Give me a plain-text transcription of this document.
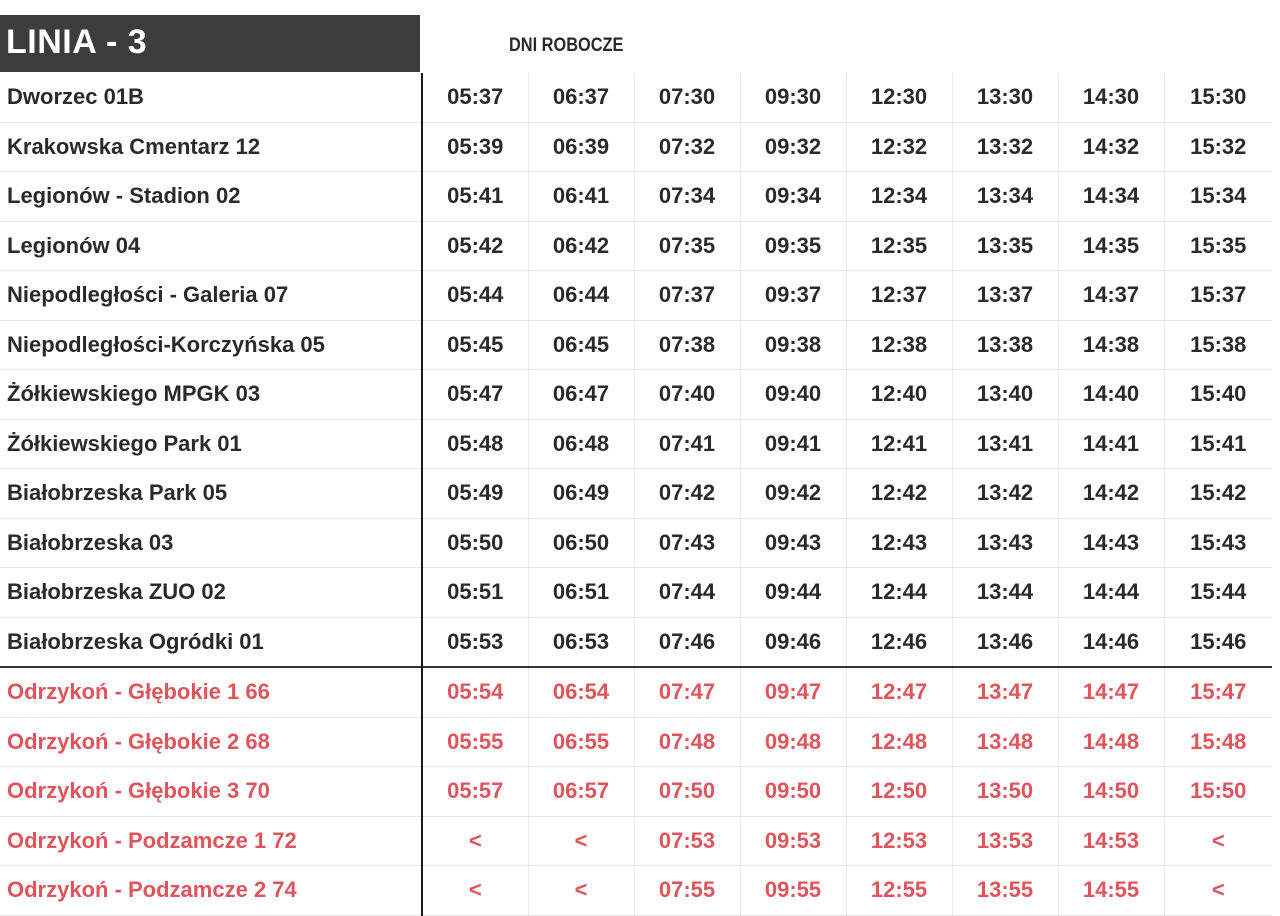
LINIA - 3	DNI ROBOCZE
Dworzec 01B	05:37	06:37	07:30	09:30	12:30	13:30	14:30	15:30
Krakowska Cmentarz 12	05:39	06:39	07:32	09:32	12:32	13:32	14:32	15:32
Legionów - Stadion 02	05:41	06:41	07:34	09:34	12:34	13:34	14:34	15:34
Legionów 04	05:42	06:42	07:35	09:35	12:35	13:35	14:35	15:35
Niepodległości - Galeria 07	05:44	06:44	07:37	09:37	12:37	13:37	14:37	15:37
Niepodległości-Korczyńska 05	05:45	06:45	07:38	09:38	12:38	13:38	14:38	15:38
Żółkiewskiego MPGK 03	05:47	06:47	07:40	09:40	12:40	13:40	14:40	15:40
Żółkiewskiego Park 01	05:48	06:48	07:41	09:41	12:41	13:41	14:41	15:41
Białobrzeska Park 05	05:49	06:49	07:42	09:42	12:42	13:42	14:42	15:42
Białobrzeska 03	05:50	06:50	07:43	09:43	12:43	13:43	14:43	15:43
Białobrzeska ZUO 02	05:51	06:51	07:44	09:44	12:44	13:44	14:44	15:44
Białobrzeska Ogródki 01	05:53	06:53	07:46	09:46	12:46	13:46	14:46	15:46
Odrzykoń - Głębokie 1 66	05:54	06:54	07:47	09:47	12:47	13:47	14:47	15:47
Odrzykoń - Głębokie 2 68	05:55	06:55	07:48	09:48	12:48	13:48	14:48	15:48
Odrzykoń - Głębokie 3 70	05:57	06:57	07:50	09:50	12:50	13:50	14:50	15:50
Odrzykoń - Podzamcze 1 72	<	<	07:53	09:53	12:53	13:53	14:53	<
Odrzykoń - Podzamcze 2 74	<	<	07:55	09:55	12:55	13:55	14:55	<
